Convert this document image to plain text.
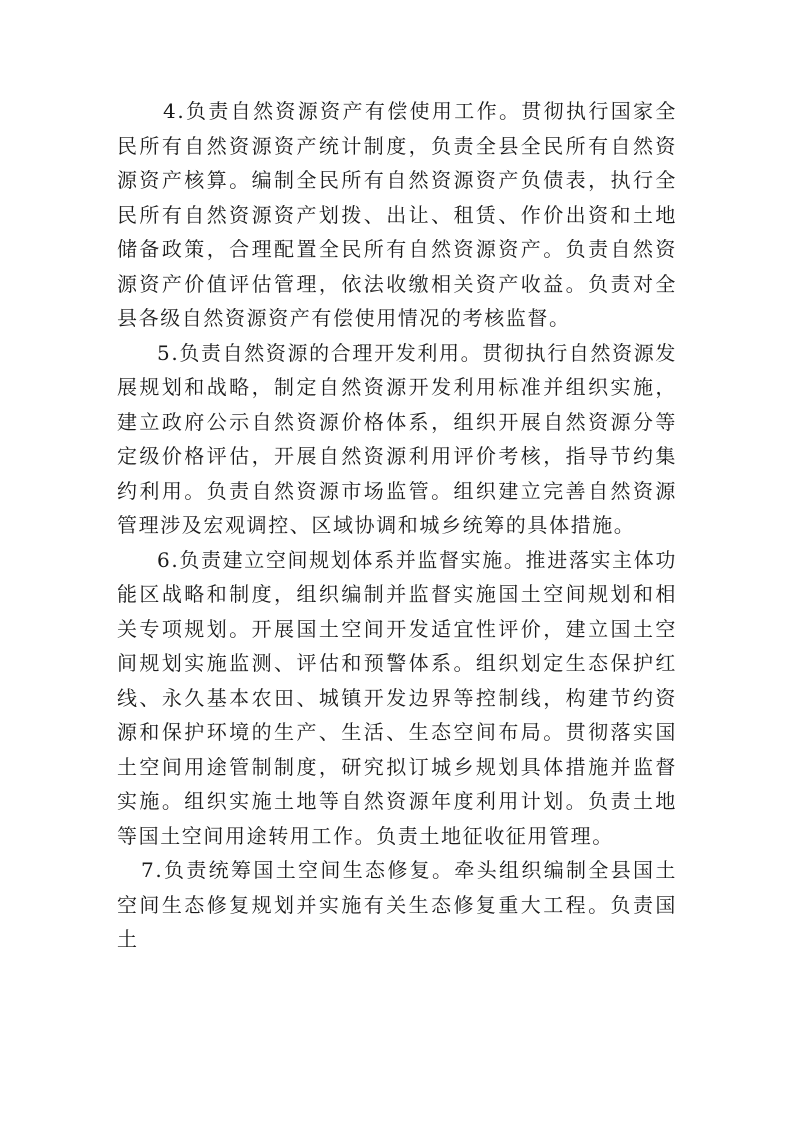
4.负责自然资源资产有偿使用工作。贯彻执行国家全民所有自然资源资产统计制度，负责全县全民所有自然资源资产核算。编制全民所有自然资源资产负债表，执行全民所有自然资源资产划拨、出让、租赁、作价出资和土地储备政策，合理配置全民所有自然资源资产。负责自然资源资产价值评估管理，依法收缴相关资产收益。负责对全县各级自然资源资产有偿使用情况的考核监督。

5.负责自然资源的合理开发利用。贯彻执行自然资源发展规划和战略，制定自然资源开发利用标准并组织实施，建立政府公示自然资源价格体系，组织开展自然资源分等定级价格评估，开展自然资源利用评价考核，指导节约集约利用。负责自然资源市场监管。组织建立完善自然资源管理涉及宏观调控、区域协调和城乡统筹的具体措施。

6.负责建立空间规划体系并监督实施。推进落实主体功能区战略和制度，组织编制并监督实施国土空间规划和相关专项规划。开展国土空间开发适宜性评价，建立国土空间规划实施监测、评估和预警体系。组织划定生态保护红线、永久基本农田、城镇开发边界等控制线，构建节约资源和保护环境的生产、生活、生态空间布局。贯彻落实国土空间用途管制制度，研究拟订城乡规划具体措施并监督实施。组织实施土地等自然资源年度利用计划。负责土地等国土空间用途转用工作。负责土地征收征用管理。

7.负责统筹国土空间生态修复。牵头组织编制全县国土空间生态修复规划并实施有关生态修复重大工程。负责国土
